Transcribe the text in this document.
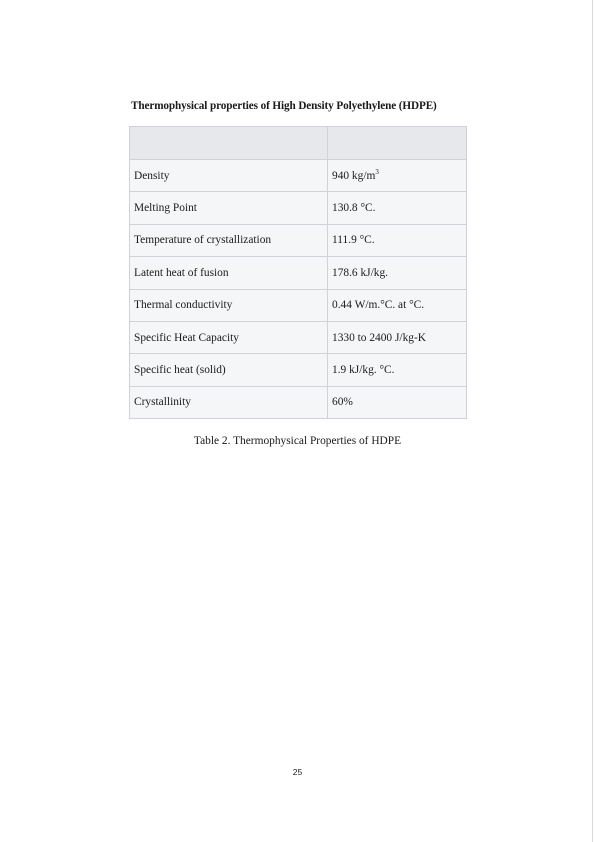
Thermophysical properties of High Density Polyethylene (HDPE)

Density	940 $kg/m^3$
Melting Point	130.8 °C.
Temperature of crystallization	111.9 °C.
Latent heat of fusion	178.6 kJ/kg.
Thermal conductivity	0.44 W/m.°C. at °C.
Specific Heat Capacity	1330 to 2400 J/kg-K
Specific heat (solid)	1.9 kJ/kg. °C.
Crystallinity	60%
Table 2. Thermophysical Properties of HDPE
25
